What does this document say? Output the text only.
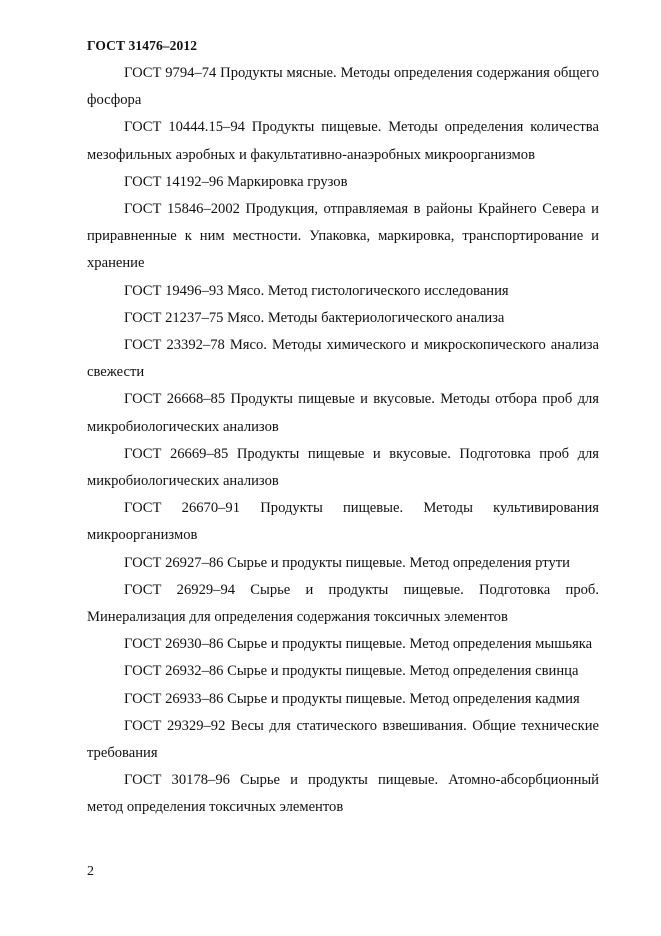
ГОСТ 31476–2012

ГОСТ 9794–74 Продукты мясные. Методы определения содержания общего фосфора

ГОСТ 10444.15–94 Продукты пищевые. Методы определения количества мезофильных аэробных и факультативно-анаэробных микроорганизмов

ГОСТ 14192–96 Маркировка грузов

ГОСТ 15846–2002 Продукция, отправляемая в районы Крайнего Севера и приравненные к ним местности. Упаковка, маркировка, транспортирование и хранение

ГОСТ 19496–93 Мясо. Метод гистологического исследования

ГОСТ 21237–75 Мясо. Методы бактериологического анализа

ГОСТ 23392–78 Мясо. Методы химического и микроскопического анализа свежести

ГОСТ 26668–85 Продукты пищевые и вкусовые. Методы отбора проб для микробиологических анализов

ГОСТ 26669–85 Продукты пищевые и вкусовые. Подготовка проб для микробиологических анализов

ГОСТ 26670–91 Продукты пищевые. Методы культивирования микроорганизмов

ГОСТ 26927–86 Сырье и продукты пищевые. Метод определения ртути

ГОСТ 26929–94 Сырье и продукты пищевые. Подготовка проб. Минерализация для определения содержания токсичных элементов

ГОСТ 26930–86 Сырье и продукты пищевые. Метод определения мышьяка

ГОСТ 26932–86 Сырье и продукты пищевые. Метод определения свинца

ГОСТ 26933–86 Сырье и продукты пищевые. Метод определения кадмия

ГОСТ 29329–92 Весы для статического взвешивания. Общие технические требования

ГОСТ 30178–96 Сырье и продукты пищевые. Атомно-абсорбционный метод определения токсичных элементов

2
